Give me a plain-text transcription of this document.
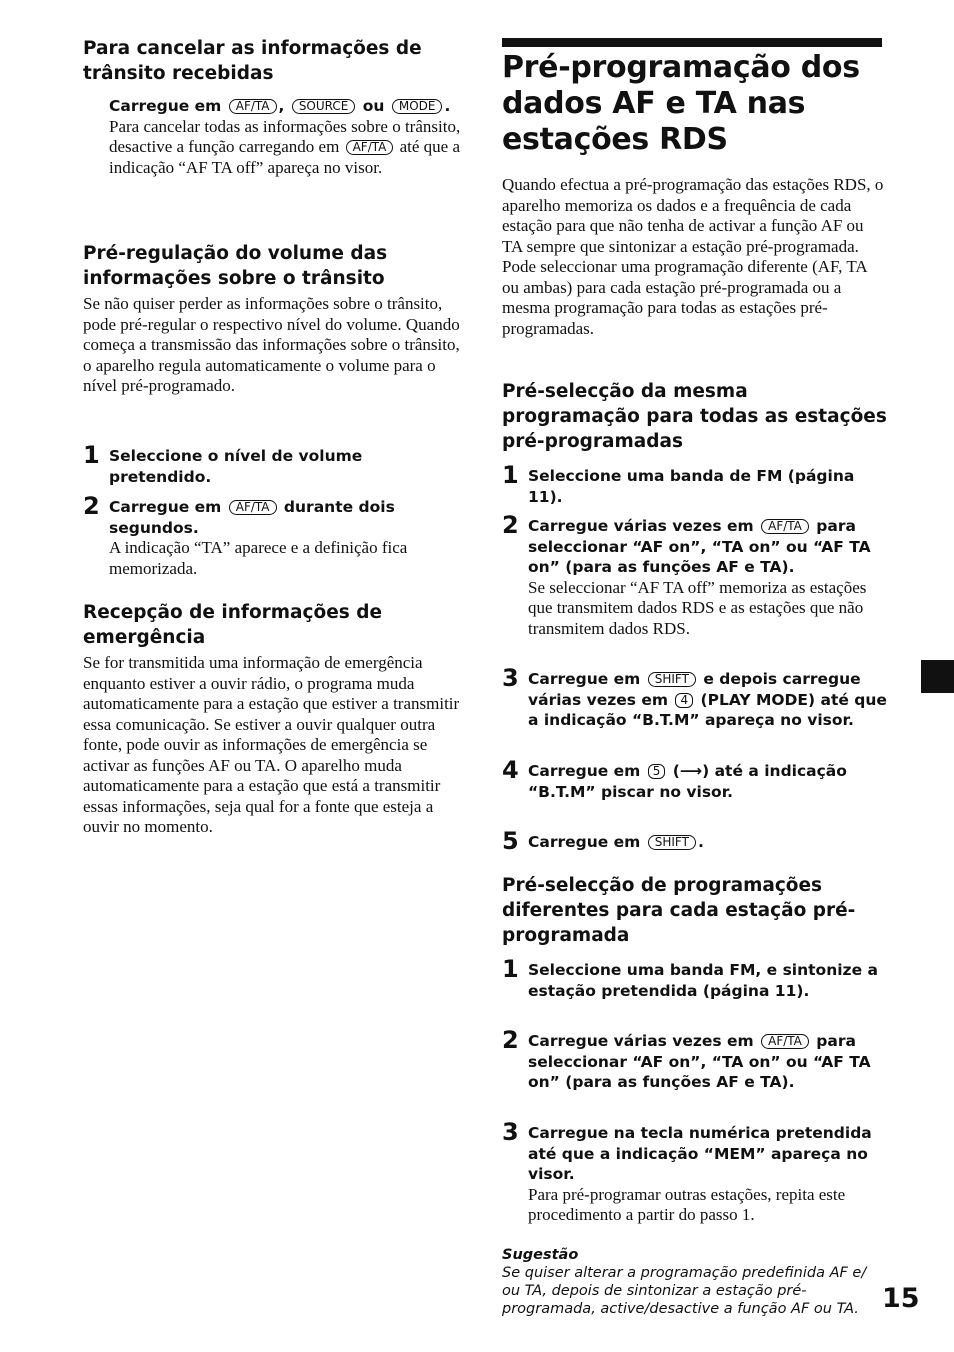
Para cancelar as informações de trânsito recebidas
Carregue em AF/TA , SOURCE ou MODE .
Para cancelar todas as informações sobre o trânsito, desactive a função carregando em AF/TA até que a indicação “AF TA off” apareça no visor.
Pré-regulação do volume das informações sobre o trânsito

Se não quiser perder as informações sobre o trânsito, pode pré-regular o respectivo nível do volume. Quando começa a transmissão das informações sobre o trânsito, o aparelho regula automaticamente o volume para o nível pré-programado.

1 Seleccione o nível de volume pretendido.
2 Carregue em AF/TA durante dois segundos.
A indicação “TA” aparece e a definição fica memorizada.
Recepção de informações de emergência

Se for transmitida uma informação de emergência enquanto estiver a ouvir rádio, o programa muda automaticamente para a estação que estiver a transmitir essa comunicação. Se estiver a ouvir qualquer outra fonte, pode ouvir as informações de emergência se activar as funções AF ou TA. O aparelho muda automaticamente para a estação que está a transmitir essas informações, seja qual for a fonte que esteja a ouvir no momento.

Pré-programação dos dados AF e TA nas estações RDS

Quando efectua a pré-programação das estações RDS, o aparelho memoriza os dados e a frequência de cada estação para que não tenha de activar a função AF ou TA sempre que sintonizar a estação pré-programada. Pode seleccionar uma programação diferente (AF, TA ou ambas) para cada estação pré-programada ou a mesma programação para todas as estações pré-programadas.

Pré-selecção da mesma programação para todas as estações pré-programadas
1 Seleccione uma banda de FM (página 11).
2 Carregue várias vezes em AF/TA para seleccionar “AF on”, “TA on” ou “AF TA on” (para as funções AF e TA).
Se seleccionar “AF TA off” memoriza as estações que transmitem dados RDS e as estações que não transmitem dados RDS.
3 Carregue em SHIFT e depois carregue várias vezes em 4 (PLAY MODE) até que a indicação “B.T.M” apareça no visor.
4 Carregue em 5 (⟶) até a indicação “B.T.M” piscar no visor.
5 Carregue em SHIFT .
Pré-selecção de programações diferentes para cada estação pré-programada
1 Seleccione uma banda FM, e sintonize a estação pretendida (página 11).
2 Carregue várias vezes em AF/TA para seleccionar “AF on”, “TA on” ou “AF TA on” (para as funções AF e TA).
3 Carregue na tecla numérica pretendida até que a indicação “MEM” apareça no visor.
Para pré-programar outras estações, repita este procedimento a partir do passo 1.
Sugestão
Se quiser alterar a programação predefinida AF e/ ou TA, depois de sintonizar a estação pré-programada, active/desactive a função AF ou TA. 15
